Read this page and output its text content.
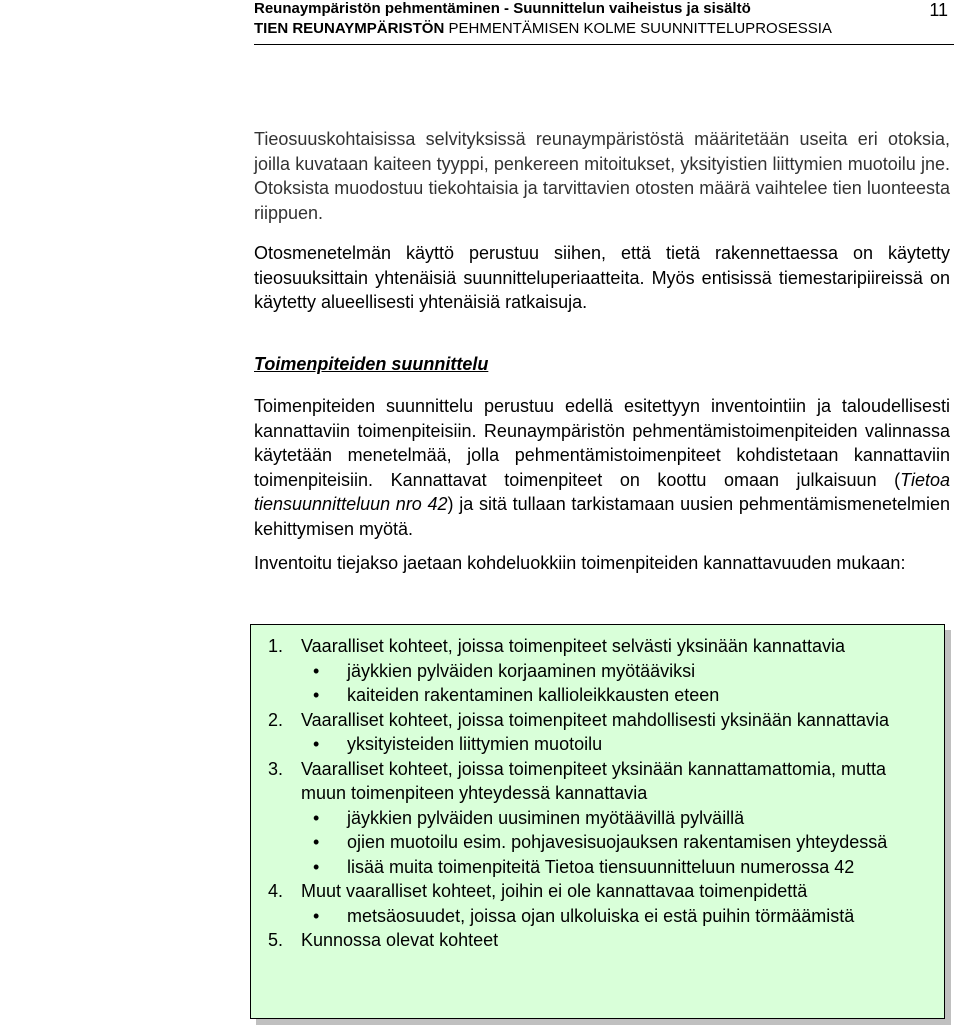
Reunaympäristön pehmentäminen - Suunnittelun vaiheistus ja sisältö
TIEN REUNAYMPÄRISTÖN PEHMENTÄMISEN KOLME SUUNNITTELUPROSESSIA
11
Tieosuuskohtaisissa selvityksissä reunaympäristöstä määritetään useita eri otoksia, joilla kuvataan kaiteen tyyppi, penkereen mitoitukset, yksityistien liittymien muotoilu jne. Otoksista muodostuu tiekohtaisia ja tarvittavien otosten määrä vaihtelee tien luonteesta riippuen.
Otosmenetelmän käyttö perustuu siihen, että tietä rakennettaessa on käytetty tieosuuksittain yhtenäisiä suunnitteluperiaatteita. Myös entisissä tiemestaripiireissä on käytetty alueellisesti yhtenäisiä ratkaisuja.
Toimenpiteiden suunnittelu
Toimenpiteiden suunnittelu perustuu edellä esitettyyn inventointiin ja taloudellisesti kannattaviin toimenpiteisiin. Reunaympäristön pehmentämistoimenpiteiden valinnassa käytetään menetelmää, jolla pehmentämistoimenpiteet kohdistetaan kannattaviin toimenpiteisiin. Kannattavat toimenpiteet on koottu omaan julkaisuun (Tietoa tiensuunnitteluun nro 42) ja sitä tullaan tarkistamaan uusien pehmentämismenetelmien kehittymisen myötä.
Inventoitu tiejakso jaetaan kohdeluokkiin toimenpiteiden kannattavuuden mukaan:
1. Vaaralliset kohteet, joissa toimenpiteet selvästi yksinään kannattavia
• jäykkien pylväiden korjaaminen myötääviksi
• kaiteiden rakentaminen kallioleikkausten eteen
2. Vaaralliset kohteet, joissa toimenpiteet mahdollisesti yksinään kannattavia
• yksityisteiden liittymien muotoilu
3. Vaaralliset kohteet, joissa toimenpiteet yksinään kannattamattomia, mutta muun toimenpiteen yhteydessä kannattavia
• jäykkien pylväiden uusiminen myötäävillä pylväillä
• ojien muotoilu esim. pohjavesisuojauksen rakentamisen yhteydessä
• lisää muita toimenpiteitä Tietoa tiensuunnitteluun numerossa 42
4. Muut vaaralliset kohteet, joihin ei ole kannattavaa toimenpidettä
• metsäosuudet, joissa ojan ulkoluiska ei estä puihin törmäämistä
5. Kunnossa olevat kohteet
